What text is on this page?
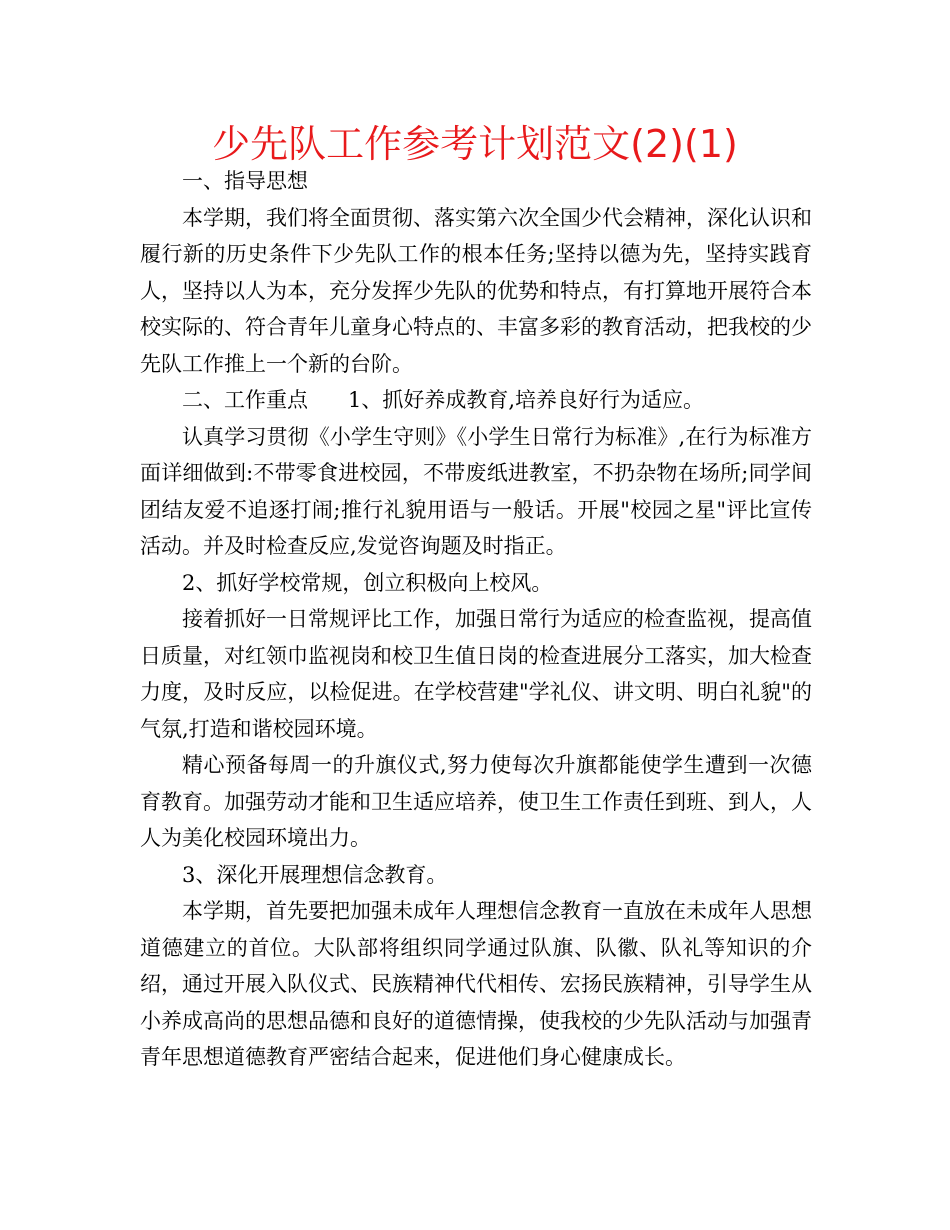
少先队工作参考计划范文(2)(1)

一、指导思想

本学期，我们将全面贯彻、落实第六次全国少代会精神，深化认识和履行新的历史条件下少先队工作的根本任务;坚持以德为先，坚持实践育人，坚持以人为本，充分发挥少先队的优势和特点，有打算地开展符合本校实际的、符合青年儿童身心特点的、丰富多彩的教育活动，把我校的少先队工作推上一个新的台阶。

二、工作重点 1、抓好养成教育,培养良好行为适应。

认真学习贯彻《小学生守则》《小学生日常行为标准》,在行为标准方面详细做到:不带零食进校园，不带废纸进教室，不扔杂物在场所;同学间团结友爱不追逐打闹;推行礼貌用语与一般话。开展"校园之星"评比宣传活动。并及时检查反应,发觉咨询题及时指正。

2、抓好学校常规，创立积极向上校风。

接着抓好一日常规评比工作，加强日常行为适应的检查监视，提高值日质量，对红领巾监视岗和校卫生值日岗的检查进展分工落实，加大检查力度，及时反应，以检促进。在学校营建"学礼仪、讲文明、明白礼貌"的气氛,打造和谐校园环境。

精心预备每周一的升旗仪式,努力使每次升旗都能使学生遭到一次德育教育。加强劳动才能和卫生适应培养，使卫生工作责任到班、到人，人人为美化校园环境出力。

3、深化开展理想信念教育。

本学期，首先要把加强未成年人理想信念教育一直放在未成年人思想道德建立的首位。大队部将组织同学通过队旗、队徽、队礼等知识的介绍，通过开展入队仪式、民族精神代代相传、宏扬民族精神，引导学生从小养成高尚的思想品德和良好的道德情操，使我校的少先队活动与加强青青年思想道德教育严密结合起来，促进他们身心健康成长。
